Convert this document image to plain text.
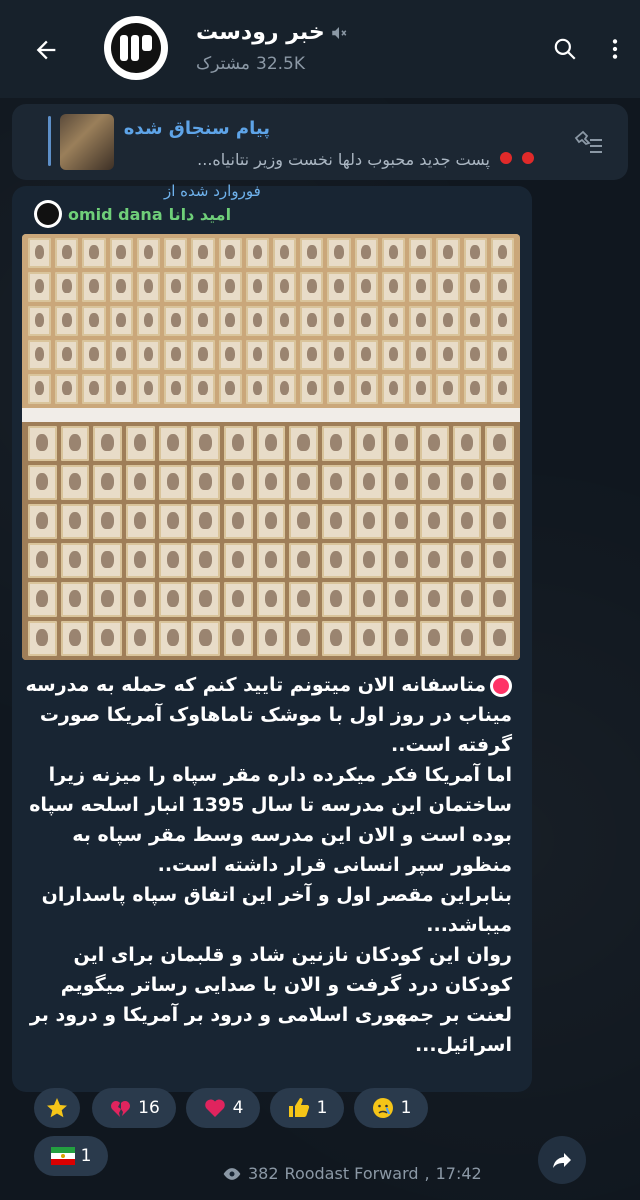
خبر رودست
مشترک 32.5K
پیام سنجاق شده
پست جدید محبوب دلها نخست وزیر نتانیاه...
فوروارد شده از
omid dana امید دانا
متاسفانه الان میتونم تایید کنم که حمله به مدرسه میناب در روز اول با موشک تاماهاوک آمریکا صورت گرفته است..
اما آمریکا فکر میکرده داره مقر سپاه را میزنه زیرا ساختمان این مدرسه تا سال 1395 انبار اسلحه سپاه بوده است و الان این مدرسه وسط مقر سپاه به منظور سپر انسانی قرار داشته است..
بنابراین مقصر اول و آخر این اتفاق سپاه پاسداران میباشد...
روان این کودکان نازنین شاد و قلبمان برای این کودکان درد گرفت و الان با صدایی رساتر میگویم لعنت بر جمهوری اسلامی و درود بر آمریکا و درود بر اسرائیل...
16	4	1	1
1
382 Roodast Forward , 17:42
